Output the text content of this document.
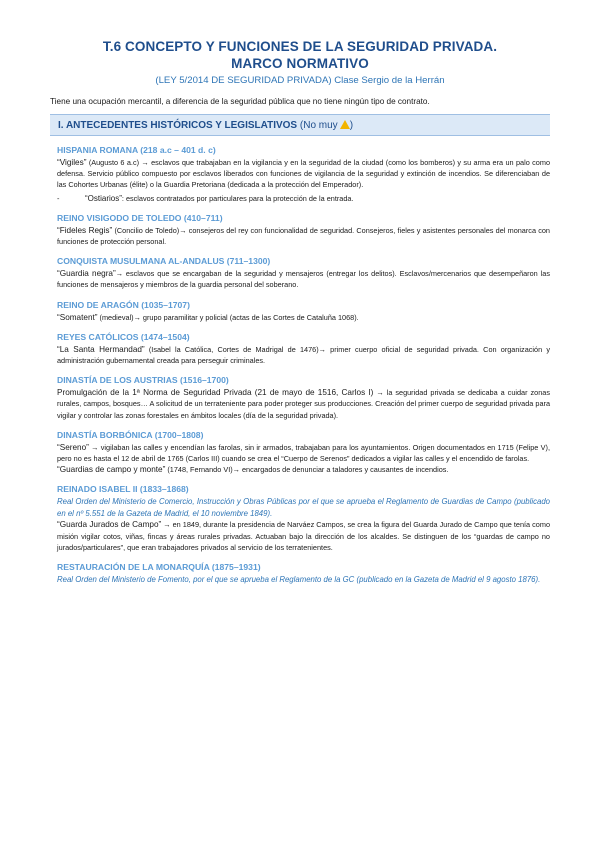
T.6 CONCEPTO Y FUNCIONES DE LA SEGURIDAD PRIVADA.
MARCO NORMATIVO
(LEY 5/2014 DE SEGURIDAD PRIVADA) Clase Sergio de la Herrán
Tiene una ocupación mercantil, a diferencia de la seguridad pública que no tiene ningún tipo de contrato.
I. ANTECEDENTES HISTÓRICOS Y LEGISLATIVOS (No muy )
HISPANIA ROMANA (218 a.c – 401 d. c)

“Vigiles” (Augusto 6 a.c) → esclavos que trabajaban en la vigilancia y en la seguridad de la ciudad (como los bomberos) y su arma era un palo como defensa. Servicio público compuesto por esclavos liberados con funciones de vigilancia de la seguridad y extinción de incendios. Se diferenciaban de las Cohortes Urbanas (élite) o la Guardia Pretoriana (dedicada a la protección del Emperador).

-	“Ostiarios”: esclavos contratados por particulares para la protección de la entrada.
REINO VISIGODO DE TOLEDO (410–711)

“Fideles Regis” (Concilio de Toledo)→ consejeros del rey con funcionalidad de seguridad. Consejeros, fieles y asistentes personales del monarca con funciones de protección personal.

CONQUISTA MUSULMANA AL-ANDALUS (711–1300)

“Guardia negra”→ esclavos que se encargaban de la seguridad y mensajeros (entregar los delitos). Esclavos/mercenarios que desempeñaron las funciones de mensajeros y miembros de la guardia personal del soberano.

REINO DE ARAGÓN (1035–1707)

“Somatent” (medieval)→ grupo paramilitar y policial (actas de las Cortes de Cataluña 1068).

REYES CATÓLICOS (1474–1504)

“La Santa Hermandad” (Isabel la Católica, Cortes de Madrigal de 1476)→ primer cuerpo oficial de seguridad privada. Con organización y administración gubernamental creada para perseguir criminales.

DINASTÍA DE LOS AUSTRIAS (1516–1700)

Promulgación de la 1ª Norma de Seguridad Privada (21 de mayo de 1516, Carlos I) → la seguridad privada se dedicaba a cuidar zonas rurales, campos, bosques… A solicitud de un terrateniente para poder proteger sus producciones. Creación del primer cuerpo de seguridad privada para vigilar y controlar las zonas forestales en ámbitos locales (día de la seguridad privada).

DINASTÍA BORBÓNICA (1700–1808)

“Sereno” → vigilaban las calles y encendían las farolas, sin ir armados, trabajaban para los ayuntamientos. Origen documentados en 1715 (Felipe V), pero no es hasta el 12 de abril de 1765 (Carlos III) cuando se crea el “Cuerpo de Serenos” dedicados a vigilar las calles y el encendido de farolas.

“Guardias de campo y monte” (1748, Fernando VI)→ encargados de denunciar a taladores y causantes de incendios.

REINADO ISABEL II (1833–1868)

Real Orden del Ministerio de Comercio, Instrucción y Obras Públicas por el que se aprueba el Reglamento de Guardias de Campo (publicado en el nº 5.551 de la Gazeta de Madrid, el 10 noviembre 1849).

“Guarda Jurados de Campo” → en 1849, durante la presidencia de Narváez Campos, se crea la figura del Guarda Jurado de Campo que tenía como misión vigilar cotos, viñas, fincas y áreas rurales privadas. Actuaban bajo la dirección de los alcaldes. Se distinguen de los “guardas de campo no jurados/particulares”, que eran trabajadores privados al servicio de los terratenientes.

RESTAURACIÓN DE LA MONARQUÍA (1875–1931)

Real Orden del Ministerio de Fomento, por el que se aprueba el Reglamento de la GC (publicado en la Gazeta de Madrid el 9 agosto 1876).
